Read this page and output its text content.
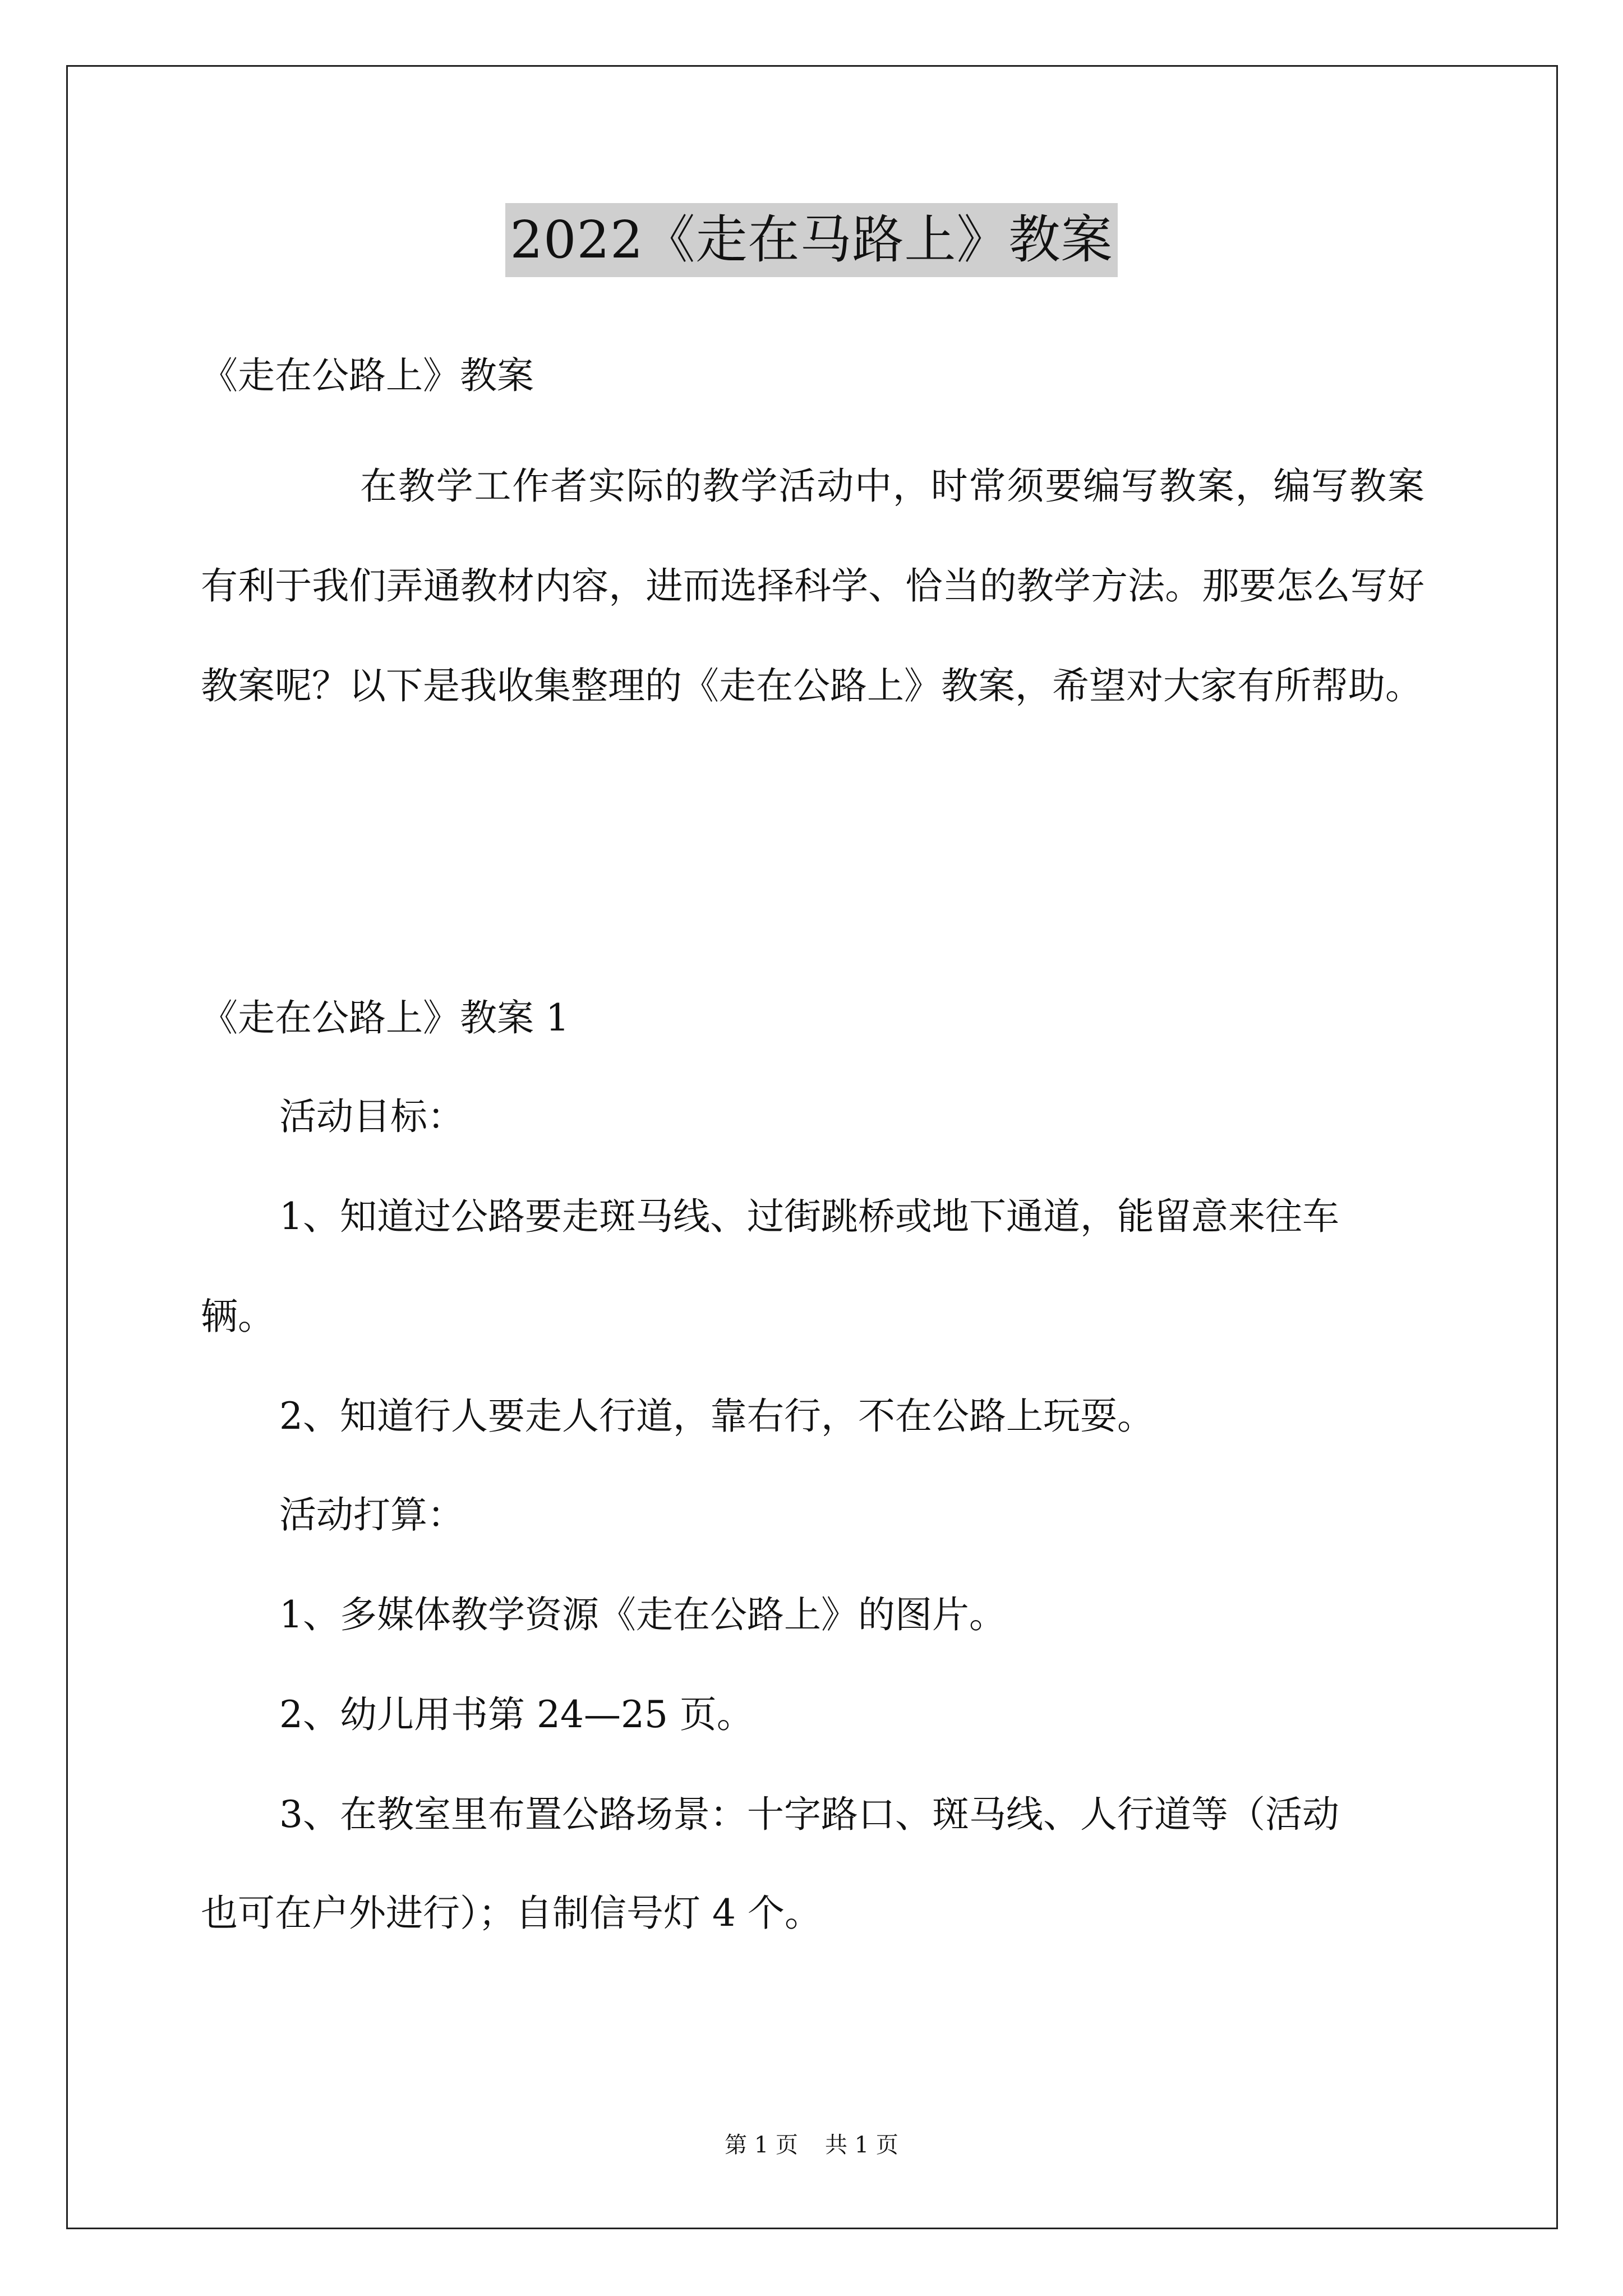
2022《走在马路上》教案
《走在公路上》教案
在教学工作者实际的教学活动中，时常须要编写教案，编写教案有利于我们弄通教材内容，进而选择科学、恰当的教学方法。那要怎么写好教案呢？以下是我收集整理的《走在公路上》教案，希望对大家有所帮助。
《走在公路上》教案 1
活动目标：
1、知道过公路要走斑马线、过街跳桥或地下通道，能留意来往车
辆。
2、知道行人要走人行道，靠右行，不在公路上玩耍。
活动打算：
1、多媒体教学资源《走在公路上》的图片。
2、幼儿用书第 24—25 页。
3、在教室里布置公路场景：十字路口、斑马线、人行道等（活动
也可在户外进行）；自制信号灯 4 个。
第 1 页 共 1 页
